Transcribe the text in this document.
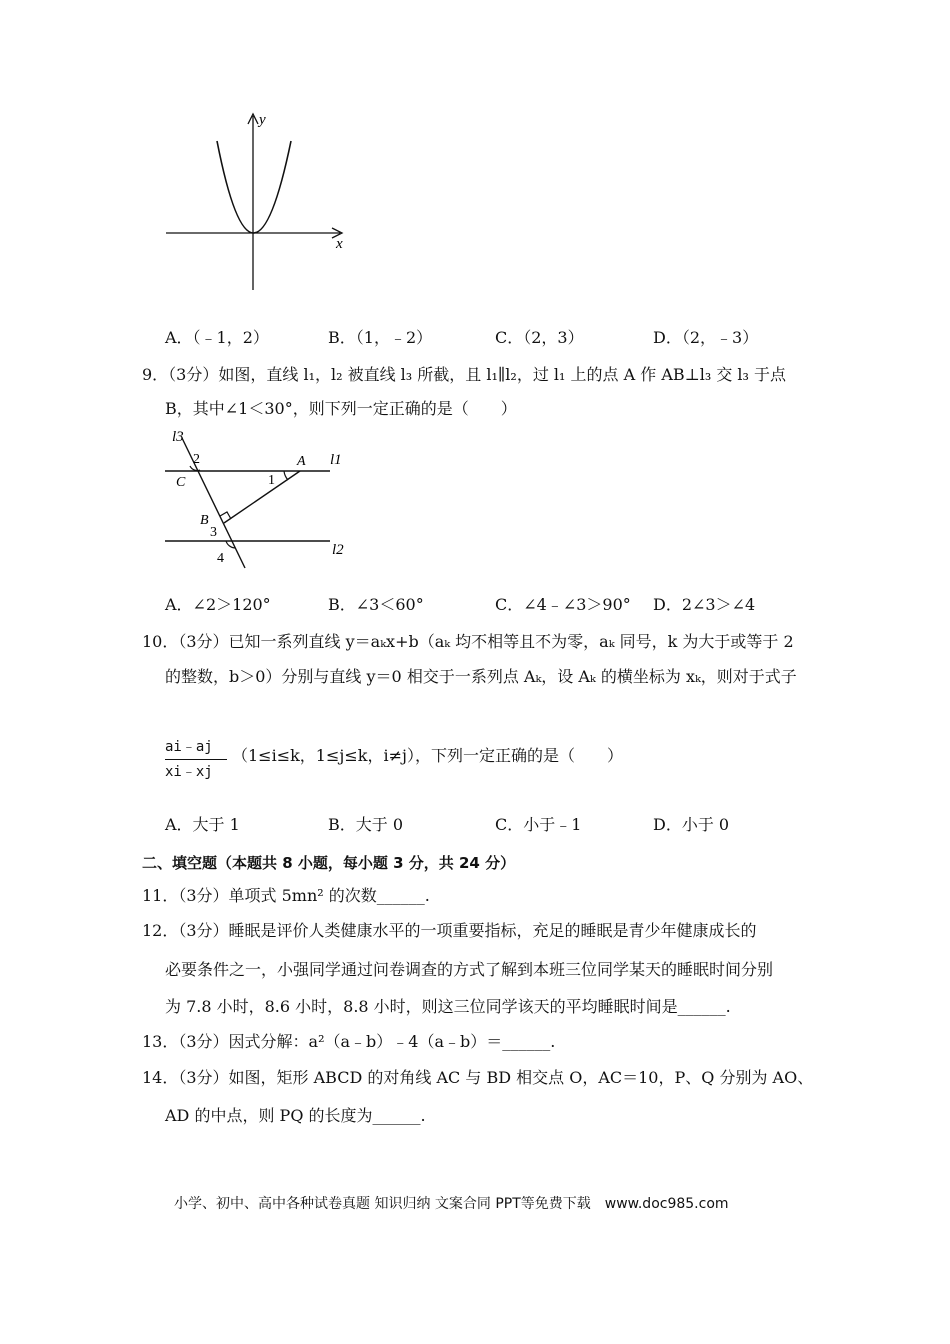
y
x
A．（﹣1，2）	B．（1，﹣2）	C．（2，3）	D．（2，﹣3）
9．（3分）如图，直线 l₁，l₂ 被直线 l₃ 所截，且 l₁∥l₂，过 l₁ 上的点 A 作 AB⊥l₃ 交 l₃ 于点
B，其中∠1＜30°，则下列一定正确的是（　　）
l3
2	A l1
C	1
B
3
l2
4
A．∠2＞120°	B．∠3＜60°	C．∠4﹣∠3＞90° D．2∠3＞∠4
10．（3分）已知一系列直线 y＝aₖx+b（aₖ 均不相等且不为零，aₖ 同号，k 为大于或等于 2
的整数，b＞0）分别与直线 y＝0 相交于一系列点 Aₖ，设 Aₖ 的横坐标为 xₖ，则对于式子
ai﹣aj
xi﹣xj
（1≤i≤k，1≤j≤k，i≠j），下列一定正确的是（　　）
A．大于 1	B．大于 0	C．小于﹣1	D．小于 0
二、填空题（本题共 8 小题，每小题 3 分，共 24 分）
11．（3分）单项式 5mn² 的次数______.
12．（3分）睡眠是评价人类健康水平的一项重要指标，充足的睡眠是青少年健康成长的
必要条件之一，小强同学通过问卷调查的方式了解到本班三位同学某天的睡眠时间分别
为 7.8 小时，8.6 小时，8.8 小时，则这三位同学该天的平均睡眠时间是______.
13．（3分）因式分解：a²（a﹣b）﹣4（a﹣b）＝______.
14．（3分）如图，矩形 ABCD 的对角线 AC 与 BD 相交点 O，AC＝10，P、Q 分别为 AO、
AD 的中点，则 PQ 的长度为______.
小学、初中、高中各种试卷真题 知识归纳 文案合同 PPT等免费下载　www.doc985.com
